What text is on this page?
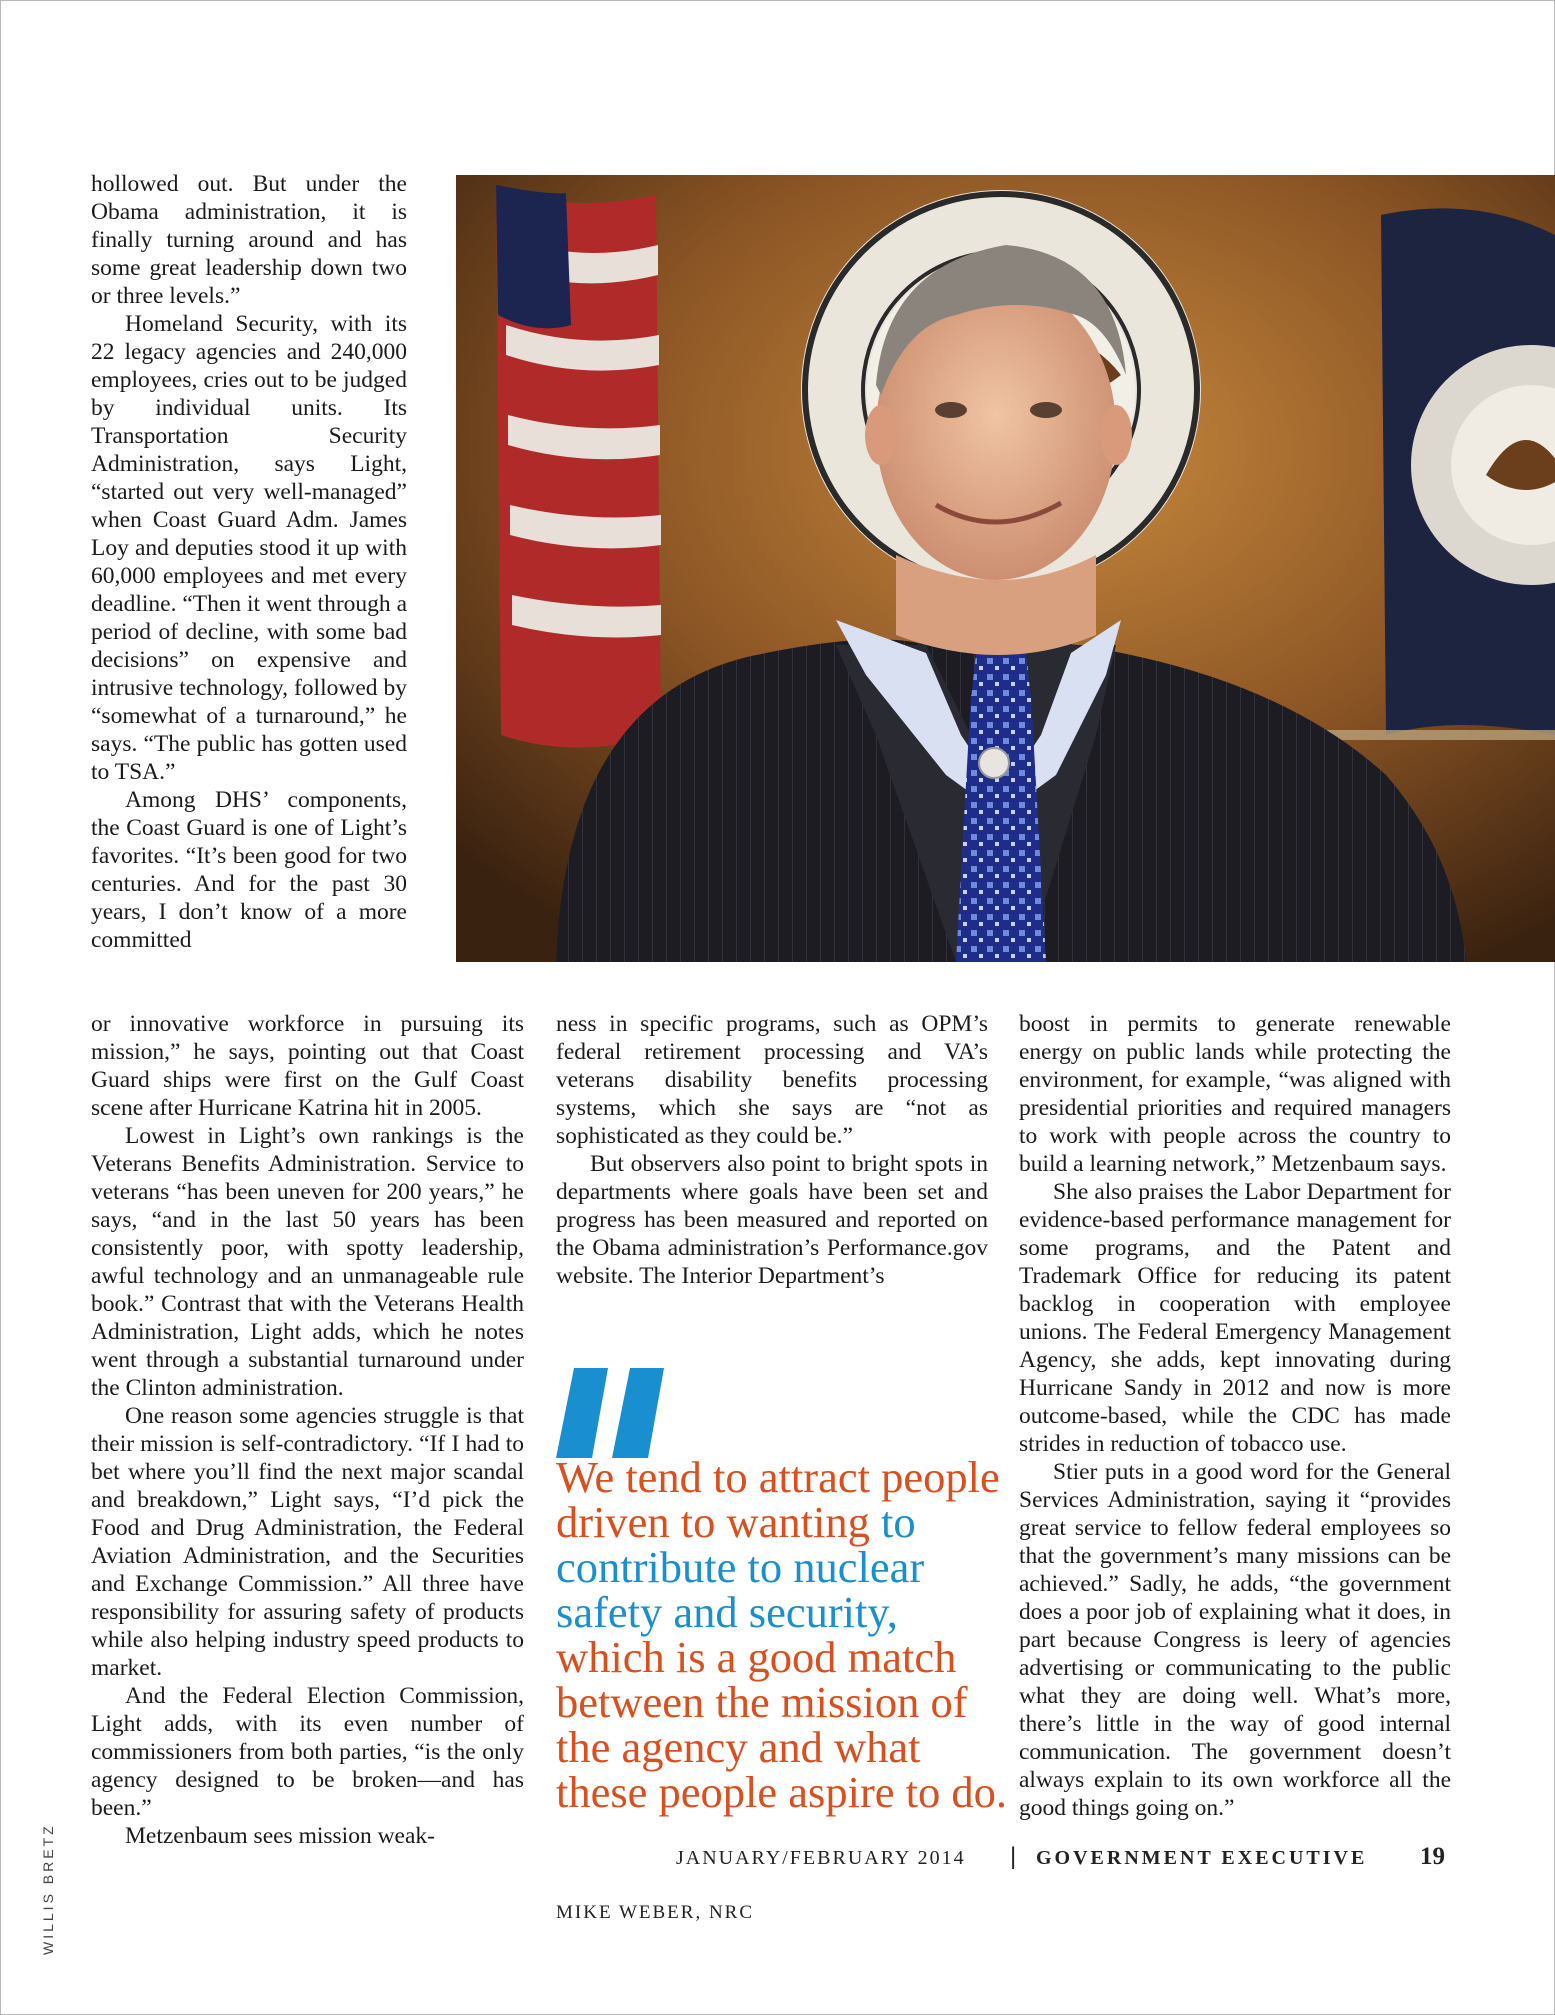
hollowed out. But under the Obama administration, it is finally turning around and has some great leadership down two or three levels.”

Homeland Security, with its 22 legacy agencies and 240,000 employees, cries out to be judged by individual units. Its Transportation Security Administration, says Light, “started out very well-managed” when Coast Guard Adm. James Loy and deputies stood it up with 60,000 employees and met every deadline. “Then it went through a period of decline, with some bad decisions” on expensive and intrusive technology, followed by “somewhat of a turnaround,” he says. “The public has gotten used to TSA.”

Among DHS’ components, the Coast Guard is one of Light’s favorites. “It’s been good for two centuries. And for the past 30 years, I don’t know of a more committed

or innovative workforce in pursuing its mission,” he says, pointing out that Coast Guard ships were first on the Gulf Coast scene after Hurricane Katrina hit in 2005.

Lowest in Light’s own rankings is the Veterans Benefits Administration. Service to veterans “has been uneven for 200 years,” he says, “and in the last 50 years has been consistently poor, with spotty leadership, awful technology and an unmanageable rule book.” Contrast that with the Veterans Health Administration, Light adds, which he notes went through a substantial turnaround under the Clinton administration.

One reason some agencies struggle is that their mission is self-contradictory. “If I had to bet where you’ll find the next major scandal and breakdown,” Light says, “I’d pick the Food and Drug Administration, the Federal Aviation Administration, and the Securities and Exchange Commission.” All three have responsibility for assuring safety of products while also helping industry speed products to market.

And the Federal Election Commission, Light adds, with its even number of commissioners from both parties, “is the only agency designed to be broken—and has been.”

Metzenbaum sees mission weak-

ness in specific programs, such as OPM’s federal retirement processing and VA’s veterans disability benefits processing systems, which she says are “not as sophisticated as they could be.”

But observers also point to bright spots in departments where goals have been set and progress has been measured and reported on the Obama administration’s Performance.gov website. The Interior Department’s

We tend to attract people driven to wanting to contribute to nuclear safety and security, which is a good match between the mission of the agency and what these people aspire to do.
MIKE WEBER, NRC

boost in permits to generate renewable energy on public lands while protecting the environment, for example, “was aligned with presidential priorities and required managers to work with people across the country to build a learning network,” Metzenbaum says.

She also praises the Labor Department for evidence-based performance management for some programs, and the Patent and Trademark Office for reducing its patent backlog in cooperation with employee unions. The Federal Emergency Management Agency, she adds, kept innovating during Hurricane Sandy in 2012 and now is more outcome-based, while the CDC has made strides in reduction of tobacco use.

Stier puts in a good word for the General Services Administration, saying it “provides great service to fellow federal employees so that the government’s many missions can be achieved.” Sadly, he adds, “the government does a poor job of explaining what it does, in part because Congress is leery of agencies advertising or communicating to the public what they are doing well. What’s more, there’s little in the way of good internal communication. The government doesn’t always explain to its own workforce all the good things going on.”

WILLIS BRETZ	JANUARY/FEBRUARY 2014 | GOVERNMENT EXECUTIVE 19
